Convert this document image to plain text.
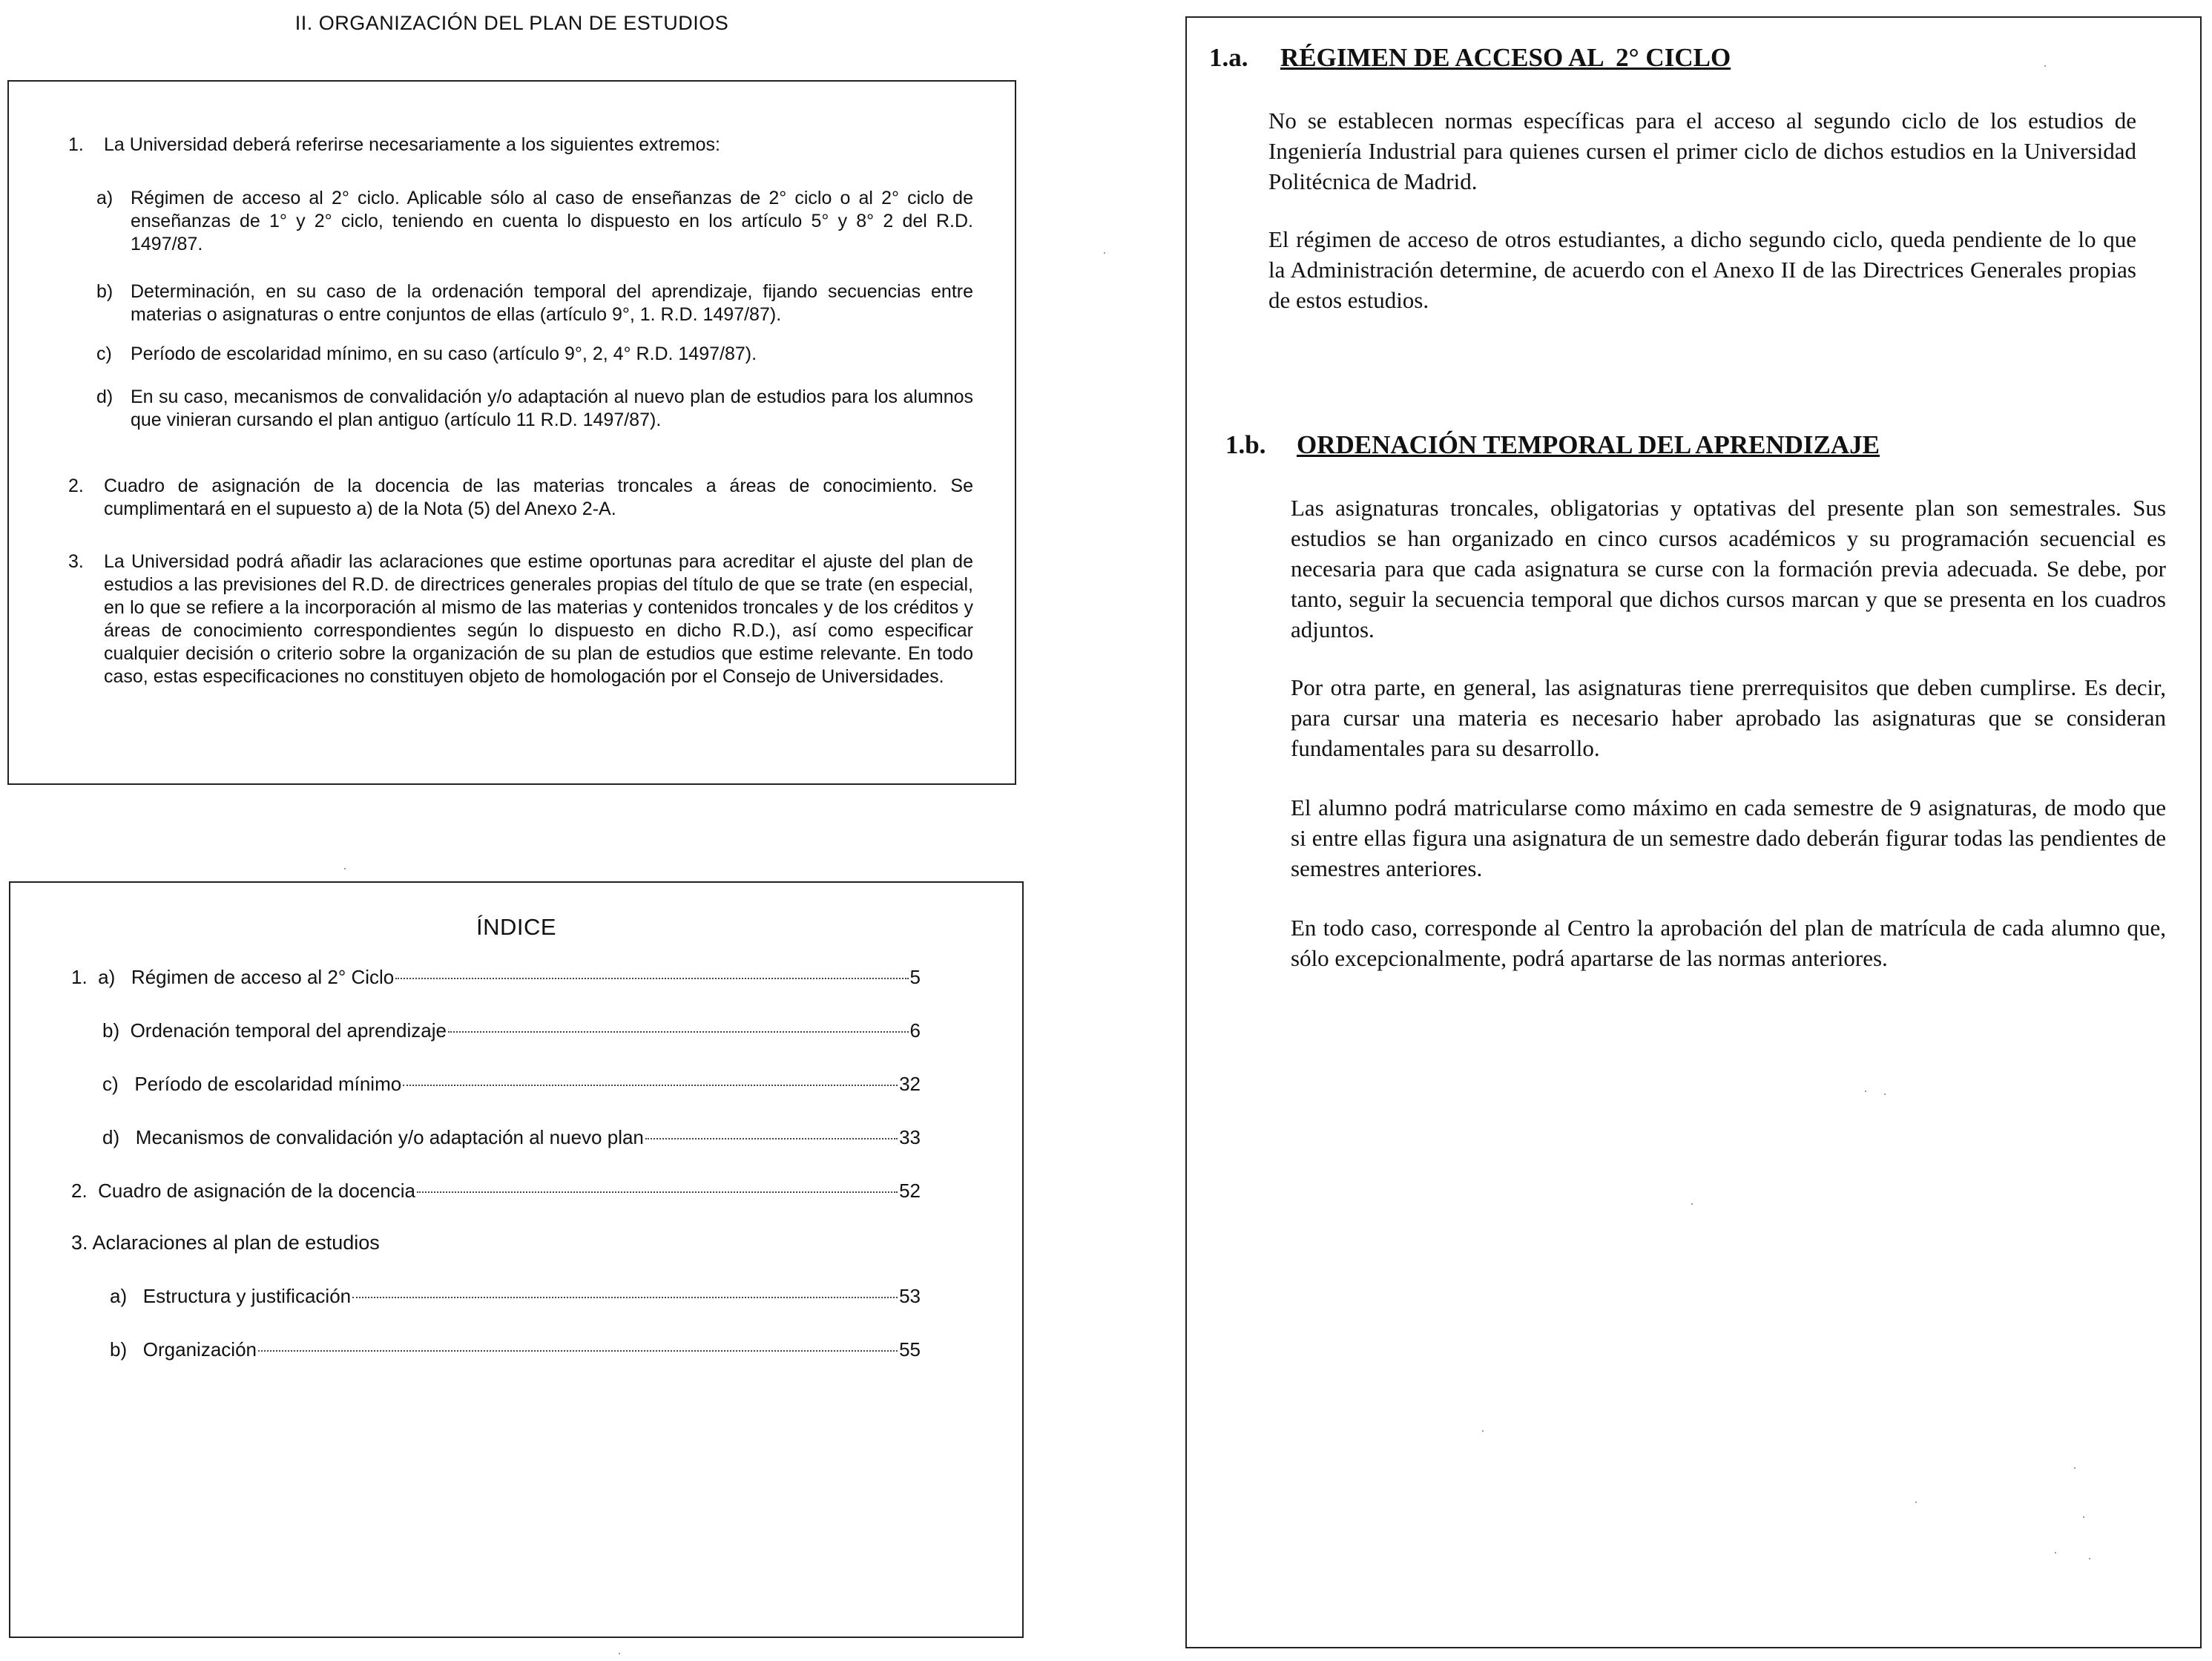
II. ORGANIZACIÓN DEL PLAN DE ESTUDIOS
1. La Universidad deberá referirse necesariamente a los siguientes extremos:
a) Régimen de acceso al 2° ciclo. Aplicable sólo al caso de enseñanzas de 2° ciclo o al 2° ciclo de enseñanzas de 1° y 2° ciclo, teniendo en cuenta lo dispuesto en los artículo 5° y 8° 2 del R.D. 1497/87.
b) Determinación, en su caso de la ordenación temporal del aprendizaje, fijando secuencias entre materias o asignaturas o entre conjuntos de ellas (artículo 9°, 1. R.D. 1497/87).
c) Período de escolaridad mínimo, en su caso (artículo 9°, 2, 4° R.D. 1497/87).
d) En su caso, mecanismos de convalidación y/o adaptación al nuevo plan de estudios para los alumnos que vinieran cursando el plan antiguo (artículo 11 R.D. 1497/87).
2. Cuadro de asignación de la docencia de las materias troncales a áreas de conocimiento. Se cumplimentará en el supuesto a) de la Nota (5) del Anexo 2-A.
3. La Universidad podrá añadir las aclaraciones que estime oportunas para acreditar el ajuste del plan de estudios a las previsiones del R.D. de directrices generales propias del título de que se trate (en especial, en lo que se refiere a la incorporación al mismo de las materias y contenidos troncales y de los créditos y áreas de conocimiento correspondientes según lo dispuesto en dicho R.D.), así como especificar cualquier decisión o criterio sobre la organización de su plan de estudios que estime relevante. En todo caso, estas especificaciones no constituyen objeto de homologación por el Consejo de Universidades.
ÍNDICE
1.  a)   Régimen de acceso al 2° Ciclo	5
b)  Ordenación temporal del aprendizaje	6
c)   Período de escolaridad mínimo	32
d)   Mecanismos de convalidación y/o adaptación al nuevo plan	33
2.  Cuadro de asignación de la docencia	52
3. Aclaraciones al plan de estudios
a)   Estructura y justificación	53
b)   Organización	55
1.a. RÉGIMEN DE ACCESO AL  2° CICLO
No se establecen normas específicas para el acceso al segundo ciclo de los estudios de Ingeniería Industrial para quienes cursen el primer ciclo de dichos estudios en la Universidad Politécnica de Madrid.
El régimen de acceso de otros estudiantes, a dicho segundo ciclo, queda pendiente de lo que la Administración determine, de acuerdo con el Anexo II de las Directrices Generales propias de estos estudios.
1.b. ORDENACIÓN TEMPORAL DEL APRENDIZAJE
Las asignaturas troncales, obligatorias y optativas del presente plan son semestrales. Sus estudios se han organizado en cinco cursos académicos y su programación secuencial es necesaria para que cada asignatura se curse con la formación previa adecuada. Se debe, por tanto, seguir la secuencia temporal que dichos cursos marcan y que se presenta en los cuadros adjuntos.
Por otra parte, en general, las asignaturas tiene prerrequisitos que deben cumplirse. Es decir, para cursar una materia es necesario haber aprobado las asignaturas que se consideran fundamentales para su desarrollo.
El alumno podrá matricularse como máximo en cada semestre de 9 asignaturas, de modo que si entre ellas figura una asignatura de un semestre dado deberán figurar todas las pendientes de semestres anteriores.
En todo caso, corresponde al Centro la aprobación del plan de matrícula de cada alumno que, sólo excepcionalmente, podrá apartarse de las normas anteriores.
